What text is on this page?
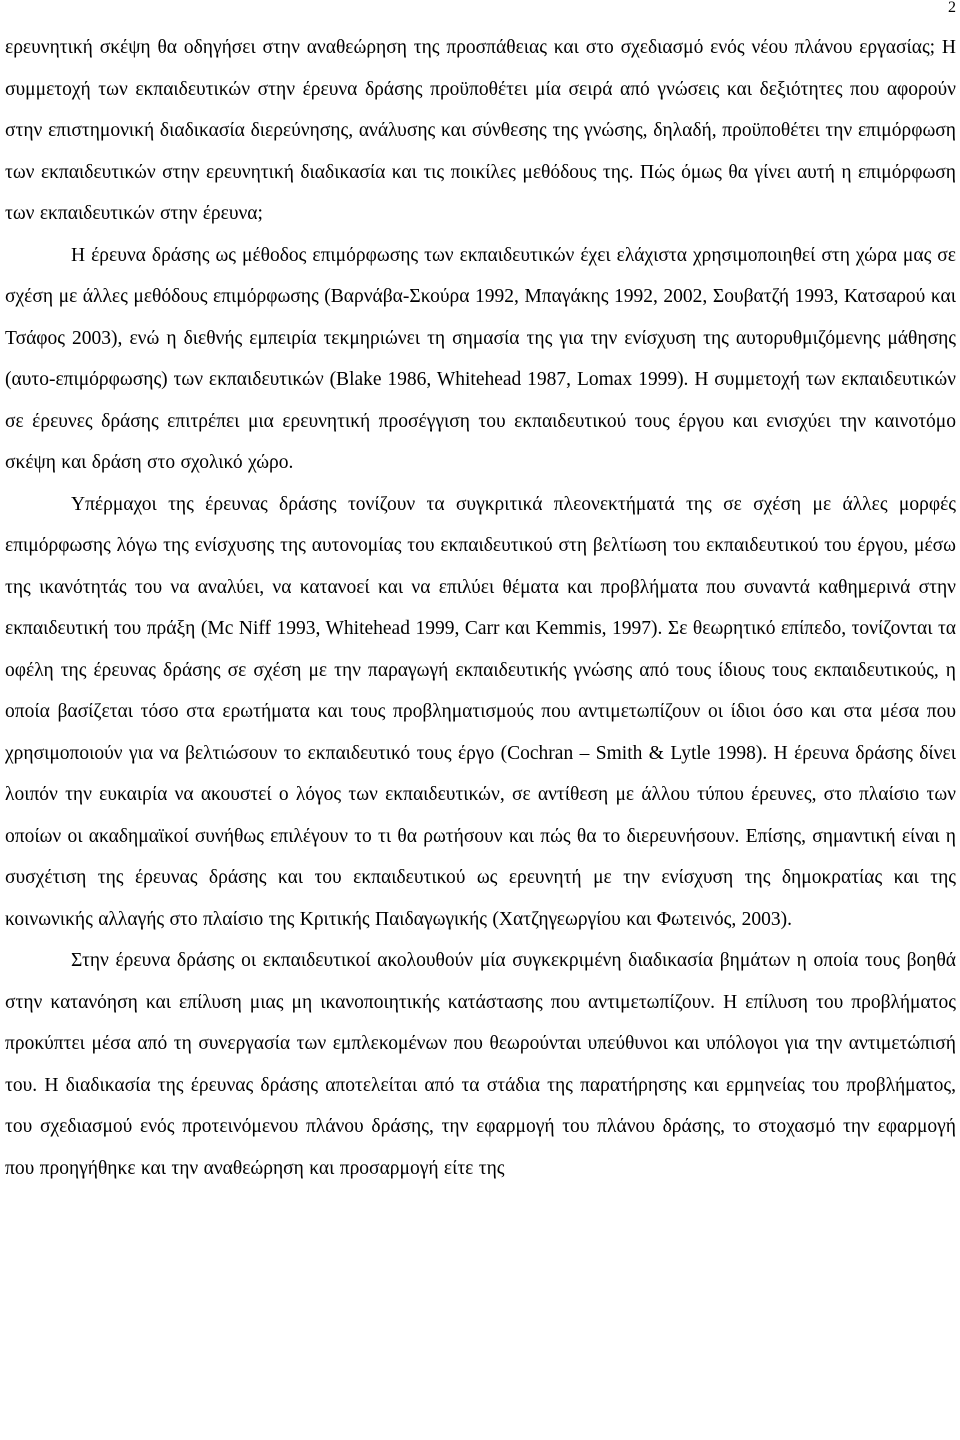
2

ερευνητική σκέψη θα οδηγήσει στην αναθεώρηση της προσπάθειας και στο σχεδιασμό ενός νέου πλάνου εργασίας; Η συμμετοχή των εκπαιδευτικών στην έρευνα δράσης προϋποθέτει μία σειρά από γνώσεις και δεξιότητες που αφορούν στην επιστημονική διαδικασία διερεύνησης, ανάλυσης και σύνθεσης της γνώσης, δηλαδή, προϋποθέτει την επιμόρφωση των εκπαιδευτικών στην ερευνητική διαδικασία και τις ποικίλες μεθόδους της. Πώς όμως θα γίνει αυτή η επιμόρφωση των εκπαιδευτικών στην έρευνα;

Η έρευνα δράσης ως μέθοδος επιμόρφωσης των εκπαιδευτικών έχει ελάχιστα χρησιμοποιηθεί στη χώρα μας σε σχέση με άλλες μεθόδους επιμόρφωσης (Βαρνάβα-Σκούρα 1992, Μπαγάκης 1992, 2002, Σουβατζή 1993, Κατσαρού και Τσάφος 2003), ενώ η διεθνής εμπειρία τεκμηριώνει τη σημασία της για την ενίσχυση της αυτορυθμιζόμενης μάθησης (αυτο-επιμόρφωσης) των εκπαιδευτικών (Blake 1986, Whitehead 1987, Lomax 1999). Η συμμετοχή των εκπαιδευτικών σε έρευνες δράσης επιτρέπει μια ερευνητική προσέγγιση του εκπαιδευτικού τους έργου και ενισχύει την καινοτόμο σκέψη και δράση στο σχολικό χώρο.

Υπέρμαχοι της έρευνας δράσης τονίζουν τα συγκριτικά πλεονεκτήματά της σε σχέση με άλλες μορφές επιμόρφωσης λόγω της ενίσχυσης της αυτονομίας του εκπαιδευτικού στη βελτίωση του εκπαιδευτικού του έργου, μέσω της ικανότητάς του να αναλύει, να κατανοεί και να επιλύει θέματα και προβλήματα που συναντά καθημερινά στην εκπαιδευτική του πράξη (Mc Niff 1993, Whitehead 1999, Carr και Kemmis, 1997). Σε θεωρητικό επίπεδο, τονίζονται τα οφέλη της έρευνας δράσης σε σχέση με την παραγωγή εκπαιδευτικής γνώσης από τους ίδιους τους εκπαιδευτικούς, η οποία βασίζεται τόσο στα ερωτήματα και τους προβληματισμούς που αντιμετωπίζουν οι ίδιοι όσο και στα μέσα που χρησιμοποιούν για να βελτιώσουν το εκπαιδευτικό τους έργο (Cochran – Smith & Lytle 1998). Η έρευνα δράσης δίνει λοιπόν την ευκαιρία να ακουστεί ο λόγος των εκπαιδευτικών, σε αντίθεση με άλλου τύπου έρευνες, στο πλαίσιο των οποίων οι ακαδημαϊκοί συνήθως επιλέγουν το τι θα ρωτήσουν και πώς θα το διερευνήσουν. Επίσης, σημαντική είναι η συσχέτιση της έρευνας δράσης και του εκπαιδευτικού ως ερευνητή με την ενίσχυση της δημοκρατίας και της κοινωνικής αλλαγής στο πλαίσιο της Κριτικής Παιδαγωγικής (Χατζηγεωργίου και Φωτεινός, 2003).

Στην έρευνα δράσης οι εκπαιδευτικοί ακολουθούν μία συγκεκριμένη διαδικασία βημάτων η οποία τους βοηθά στην κατανόηση και επίλυση μιας μη ικανοποιητικής κατάστασης που αντιμετωπίζουν. Η επίλυση του προβλήματος προκύπτει μέσα από τη συνεργασία των εμπλεκομένων που θεωρούνται υπεύθυνοι και υπόλογοι για την αντιμετώπισή του. Η διαδικασία της έρευνας δράσης αποτελείται από τα στάδια της παρατήρησης και ερμηνείας του προβλήματος, του σχεδιασμού ενός προτεινόμενου πλάνου δράσης, την εφαρμογή του πλάνου δράσης, το στοχασμό την εφαρμογή που προηγήθηκε και την αναθεώρηση και προσαρμογή είτε της
